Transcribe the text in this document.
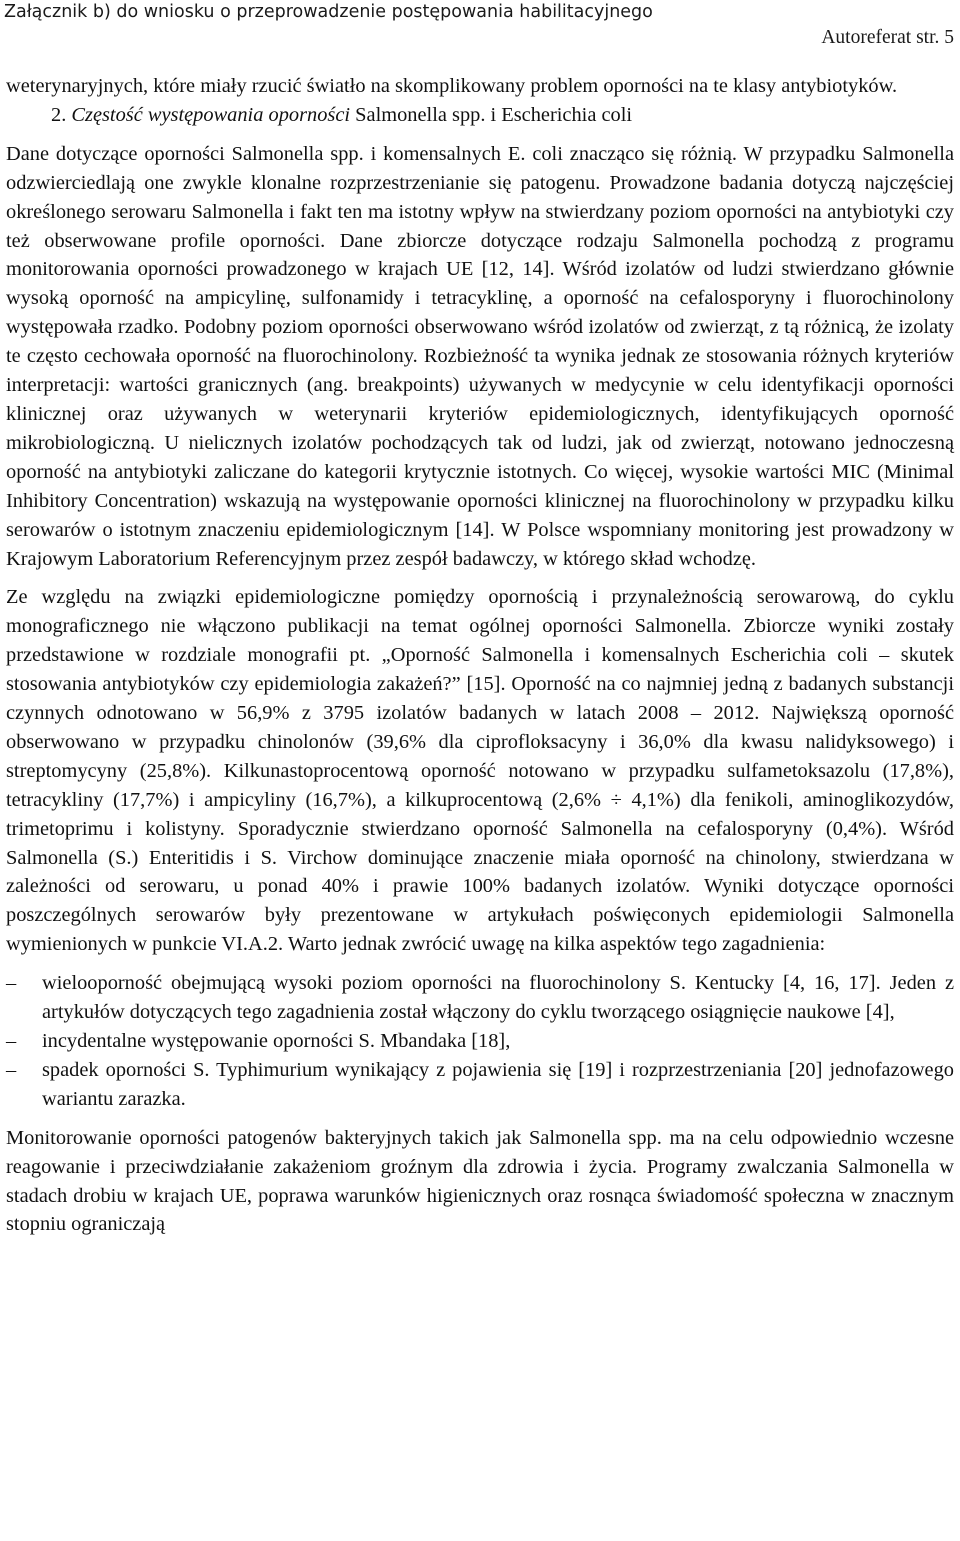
Załącznik b) do wniosku o przeprowadzenie postępowania habilitacyjnego
Autoreferat str. 5

weterynaryjnych, które miały rzucić światło na skomplikowany problem oporności na te klasy antybiotyków.

2. Częstość występowania oporności Salmonella spp. i Escherichia coli

Dane dotyczące oporności Salmonella spp. i komensalnych E. coli znacząco się różnią. W przypadku Salmonella odzwierciedlają one zwykle klonalne rozprzestrzenianie się patogenu. Prowadzone badania dotyczą najczęściej określonego serowaru Salmonella i fakt ten ma istotny wpływ na stwierdzany poziom oporności na antybiotyki czy też obserwowane profile oporności. Dane zbiorcze dotyczące rodzaju Salmonella pochodzą z programu monitorowania oporności prowadzonego w krajach UE [12, 14]. Wśród izolatów od ludzi stwierdzano głównie wysoką oporność na ampicylinę, sulfonamidy i tetracyklinę, a oporność na cefalosporyny i fluorochinolony występowała rzadko. Podobny poziom oporności obserwowano wśród izolatów od zwierząt, z tą różnicą, że izolaty te często cechowała oporność na fluorochinolony. Rozbieżność ta wynika jednak ze stosowania różnych kryteriów interpretacji: wartości granicznych (ang. breakpoints) używanych w medycynie w celu identyfikacji oporności klinicznej oraz używanych w weterynarii kryteriów epidemiologicznych, identyfikujących oporność mikrobiologiczną. U nielicznych izolatów pochodzących tak od ludzi, jak od zwierząt, notowano jednoczesną oporność na antybiotyki zaliczane do kategorii krytycznie istotnych. Co więcej, wysokie wartości MIC (Minimal Inhibitory Concentration) wskazują na występowanie oporności klinicznej na fluorochinolony w przypadku kilku serowarów o istotnym znaczeniu epidemiologicznym [14]. W Polsce wspomniany monitoring jest prowadzony w Krajowym Laboratorium Referencyjnym przez zespół badawczy, w którego skład wchodzę.

Ze względu na związki epidemiologiczne pomiędzy opornością i przynależnością serowarową, do cyklu monograficznego nie włączono publikacji na temat ogólnej oporności Salmonella. Zbiorcze wyniki zostały przedstawione w rozdziale monografii pt. „Oporność Salmonella i komensalnych Escherichia coli – skutek stosowania antybiotyków czy epidemiologia zakażeń?” [15]. Oporność na co najmniej jedną z badanych substancji czynnych odnotowano w 56,9% z 3795 izolatów badanych w latach 2008 – 2012. Największą oporność obserwowano w przypadku chinolonów (39,6% dla ciprofloksacyny i 36,0% dla kwasu nalidyksowego) i streptomycyny (25,8%). Kilkunastoprocentową oporność notowano w przypadku sulfametoksazolu (17,8%), tetracykliny (17,7%) i ampicyliny (16,7%), a kilkuprocentową (2,6% ÷ 4,1%) dla fenikoli, aminoglikozydów, trimetoprimu i kolistyny. Sporadycznie stwierdzano oporność Salmonella na cefalosporyny (0,4%). Wśród Salmonella (S.) Enteritidis i S. Virchow dominujące znaczenie miała oporność na chinolony, stwierdzana w zależności od serowaru, u ponad 40% i prawie 100% badanych izolatów. Wyniki dotyczące oporności poszczególnych serowarów były prezentowane w artykułach poświęconych epidemiologii Salmonella wymienionych w punkcie VI.A.2. Warto jednak zwrócić uwagę na kilka aspektów tego zagadnienia:

–	wielooporność obejmującą wysoki poziom oporności na fluorochinolony S. Kentucky [4, 16, 17]. Jeden z artykułów dotyczących tego zagadnienia został włączony do cyklu tworzącego osiągnięcie naukowe [4],
–	incydentalne występowanie oporności S. Mbandaka [18],
–	spadek oporności S. Typhimurium wynikający z pojawienia się [19] i rozprzestrzeniania [20] jednofazowego wariantu zarazka.

Monitorowanie oporności patogenów bakteryjnych takich jak Salmonella spp. ma na celu odpowiednio wczesne reagowanie i przeciwdziałanie zakażeniom groźnym dla zdrowia i życia. Programy zwalczania Salmonella w stadach drobiu w krajach UE, poprawa warunków higienicznych oraz rosnąca świadomość społeczna w znacznym stopniu ograniczają
